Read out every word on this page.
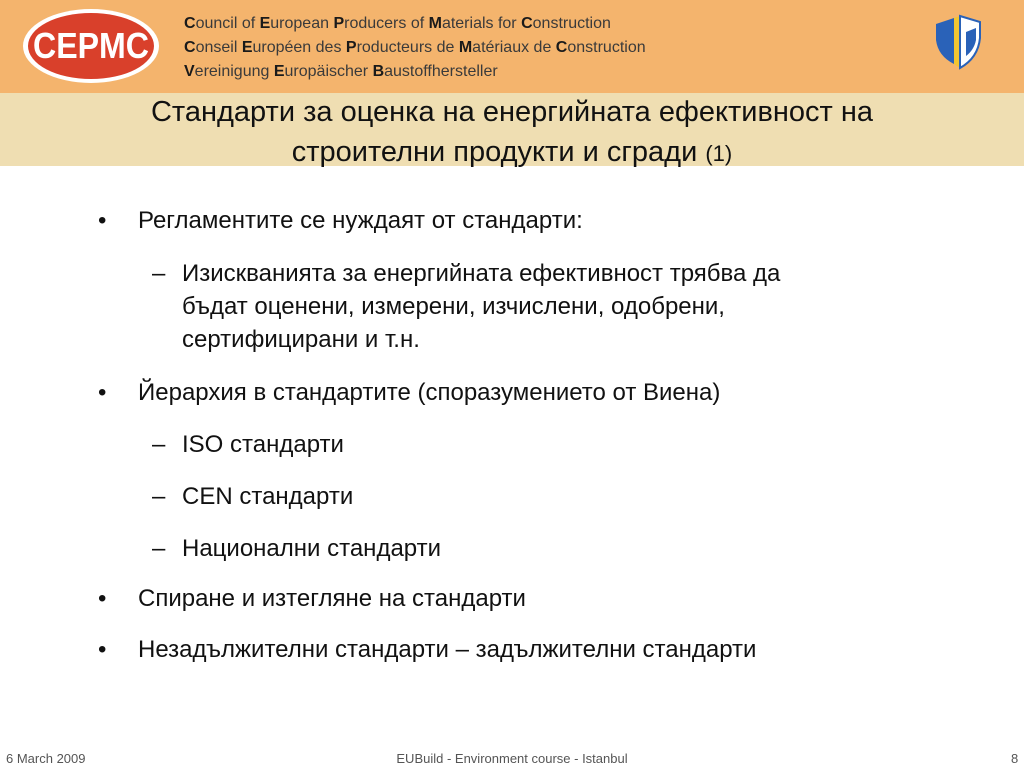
CEPMC
Council of European Producers of Materials for Construction
Conseil Européen des Producteurs de Matériaux de Construction
Vereinigung Europäischer Baustoffhersteller
Стандарти за оценка на енергийната ефективност на
строителни продукти и сгради (1)
• Регламентите се нуждаят от стандарти:
– Изискванията за енергийната ефективност трябва да
бъдат оценени, измерени, изчислени, одобрени,
сертифицирани и т.н.
• Йерархия в стандартите (споразумението от Виена)
– ISO стандарти
– CEN стандарти
– Национални стандарти
• Спиране и изтегляне на стандарти
• Незадължителни стандарти – задължителни стандарти
6 March 2009	EUBuild - Environment course - Istanbul	8
